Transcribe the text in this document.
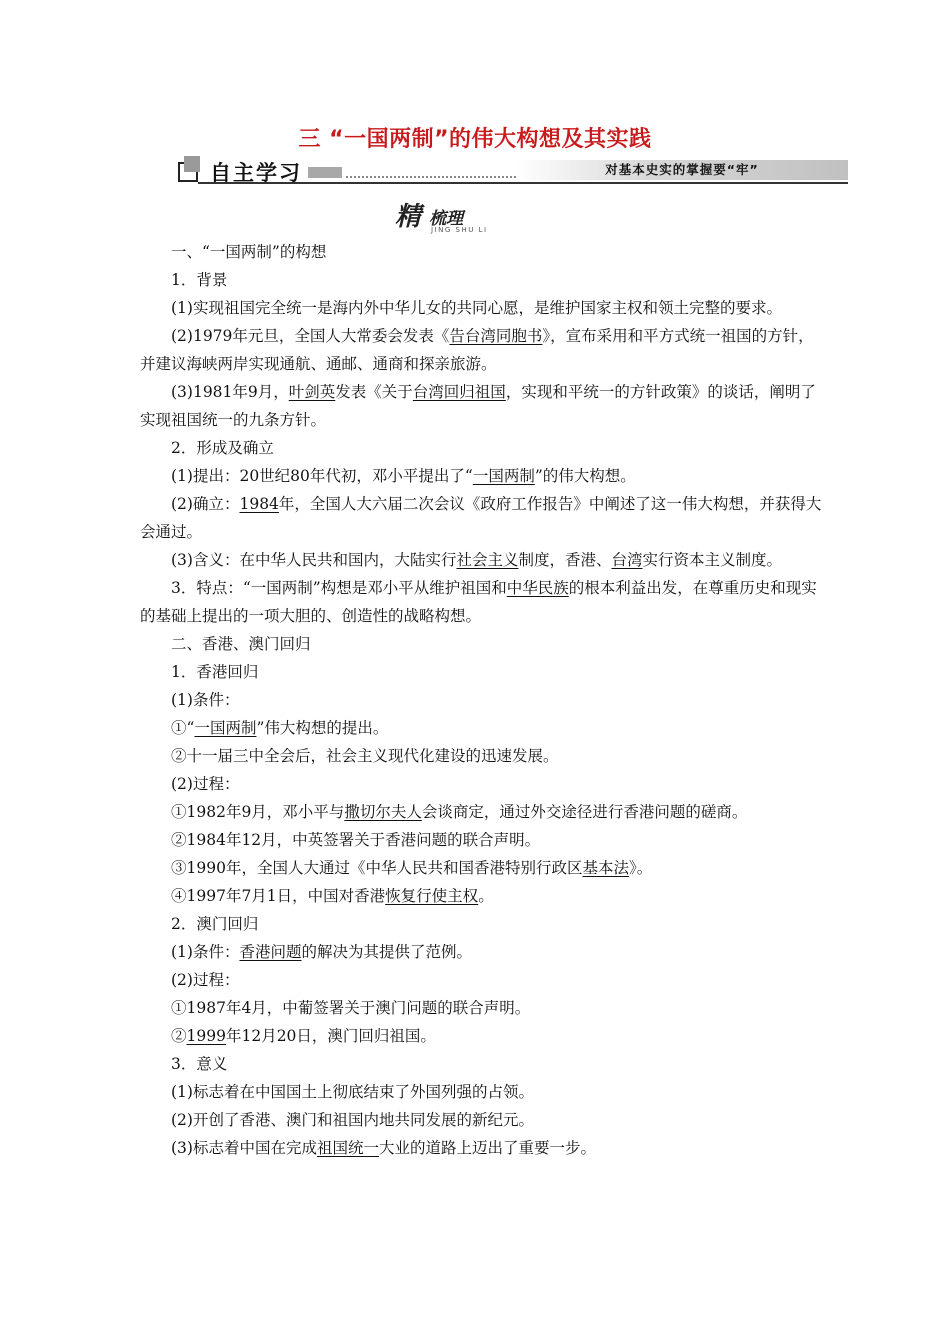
三 “一国两制”的伟大构想及其实践
自主学习	对基本史实的掌握要“牢”
精 梳理
JING SHU LI

一、“一国两制”的构想

1．背景

(1)实现祖国完全统一是海内外中华儿女的共同心愿，是维护国家主权和领土完整的要求。

(2)1979年元旦，全国人大常委会发表《告台湾同胞书》，宣布采用和平方式统一祖国的方针，并建议海峡两岸实现通航、通邮、通商和探亲旅游。

(3)1981年9月，叶剑英发表《关于台湾回归祖国，实现和平统一的方针政策》的谈话，阐明了实现祖国统一的九条方针。

2．形成及确立

(1)提出：20世纪80年代初，邓小平提出了“一国两制”的伟大构想。

(2)确立：1984年，全国人大六届二次会议《政府工作报告》中阐述了这一伟大构想，并获得大会通过。

(3)含义：在中华人民共和国内，大陆实行社会主义制度，香港、台湾实行资本主义制度。

3．特点：“一国两制”构想是邓小平从维护祖国和中华民族的根本利益出发，在尊重历史和现实的基础上提出的一项大胆的、创造性的战略构想。

二、香港、澳门回归

1．香港回归

(1)条件：

①“一国两制”伟大构想的提出。

②十一届三中全会后，社会主义现代化建设的迅速发展。

(2)过程：

①1982年9月，邓小平与撒切尔夫人会谈商定，通过外交途径进行香港问题的磋商。

②1984年12月，中英签署关于香港问题的联合声明。

③1990年，全国人大通过《中华人民共和国香港特别行政区基本法》。

④1997年7月1日，中国对香港恢复行使主权。

2．澳门回归

(1)条件：香港问题的解决为其提供了范例。

(2)过程：

①1987年4月，中葡签署关于澳门问题的联合声明。

②1999年12月20日，澳门回归祖国。

3．意义

(1)标志着在中国国土上彻底结束了外国列强的占领。

(2)开创了香港、澳门和祖国内地共同发展的新纪元。

(3)标志着中国在完成祖国统一大业的道路上迈出了重要一步。
